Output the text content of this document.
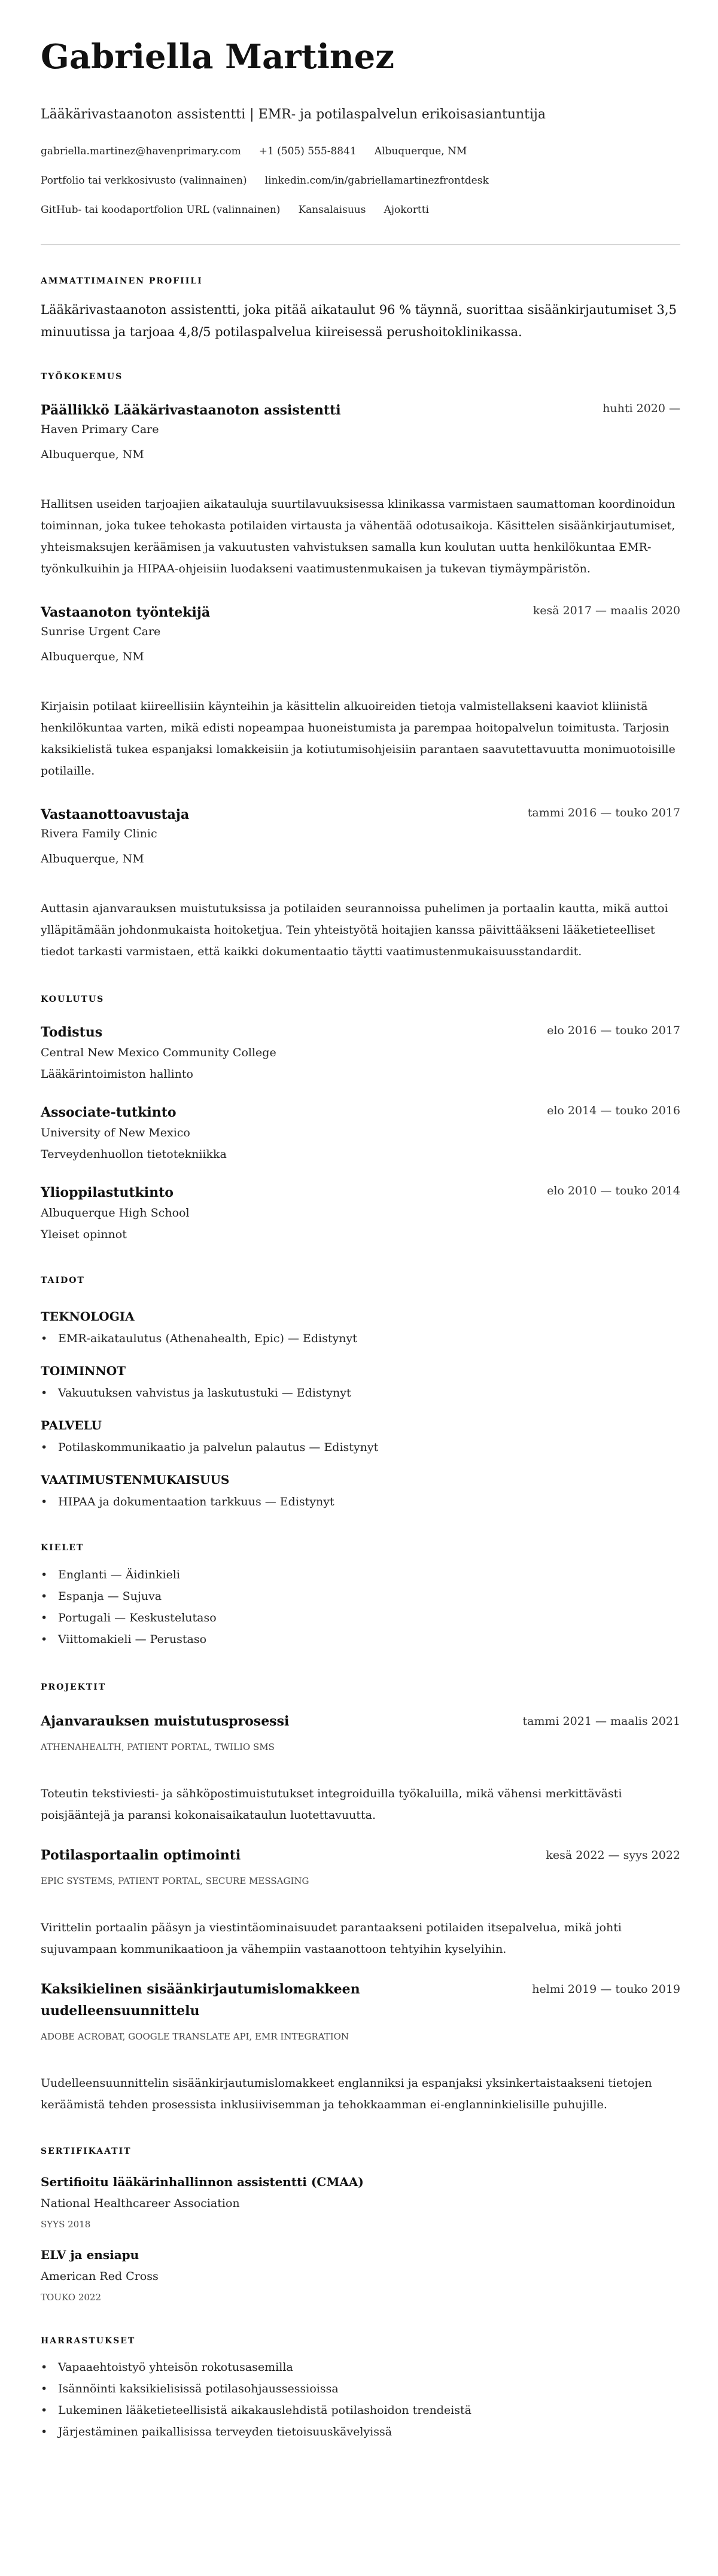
Gabriella Martinez
Lääkärivastaanoton assistentti | EMR- ja potilaspalvelun erikoisasiantuntija
gabriella.martinez@havenprimary.com +1 (505) 555-8841 Albuquerque, NM
Portfolio tai verkkosivusto (valinnainen) linkedin.com/in/gabriellamartinezfrontdesk
GitHub- tai koodaportfolion URL (valinnainen) Kansalaisuus Ajokortti
AMMATTIMAINEN PROFIILI

Lääkärivastaanoton assistentti, joka pitää aikataulut 96 % täynnä, suorittaa sisäänkirjautumiset 3,5 minuutissa ja tarjoaa 4,8/5 potilaspalvelua kiireisessä perushoitoklinikassa.

TYÖKOKEMUS
Päällikkö Lääkärivastaanoton assistentti	huhti 2020 —
Haven Primary Care
Albuquerque, NM
Hallitsen useiden tarjoajien aikatauluja suurtilavuuksisessa klinikassa varmistaen saumattoman koordinoidun toiminnan, joka tukee tehokasta potilaiden virtausta ja vähentää odotusaikoja. Käsittelen sisäänkirjautumiset, yhteismaksujen keräämisen ja vakuutusten vahvistuksen samalla kun koulutan uutta henkilökuntaa EMR-työnkulkuihin ja HIPAA-ohjeisiin luodakseni vaatimustenmukaisen ja tukevan tiymäympäristön.
Vastaanoton työntekijä	kesä 2017 — maalis 2020
Sunrise Urgent Care
Albuquerque, NM
Kirjaisin potilaat kiireellisiin käynteihin ja käsittelin alkuoireiden tietoja valmistellakseni kaaviot kliinistä henkilökuntaa varten, mikä edisti nopeampaa huoneistumista ja parempaa hoitopalvelun toimitusta. Tarjosin kaksikielistä tukea espanjaksi lomakkeisiin ja kotiutumisohjeisiin parantaen saavutettavuutta monimuotoisille potilaille.
Vastaanottoavustaja	tammi 2016 — touko 2017
Rivera Family Clinic
Albuquerque, NM
Auttasin ajanvarauksen muistutuksissa ja potilaiden seurannoissa puhelimen ja portaalin kautta, mikä auttoi ylläpitämään johdonmukaista hoitoketjua. Tein yhteistyötä hoitajien kanssa päivittääkseni lääketieteelliset tiedot tarkasti varmistaen, että kaikki dokumentaatio täytti vaatimustenmukaisuusstandardit.
KOULUTUS
Todistus	elo 2016 — touko 2017
Central New Mexico Community College
Lääkärintoimiston hallinto
Associate-tutkinto	elo 2014 — touko 2016
University of New Mexico
Terveydenhuollon tietotekniikka
Ylioppilastutkinto	elo 2010 — touko 2014
Albuquerque High School
Yleiset opinnot
TAIDOT
TEKNOLOGIA
• EMR-aikataulutus (Athenahealth, Epic) — Edistynyt
TOIMINNOT
• Vakuutuksen vahvistus ja laskutustuki — Edistynyt
PALVELU
• Potilaskommunikaatio ja palvelun palautus — Edistynyt
VAATIMUSTENMUKAISUUS
• HIPAA ja dokumentaation tarkkuus — Edistynyt
KIELET
• Englanti — Äidinkieli
• Espanja — Sujuva
• Portugali — Keskustelutaso
• Viittomakieli — Perustaso
PROJEKTIT
Ajanvarauksen muistutusprosessi	tammi 2021 — maalis 2021
ATHENAHEALTH, PATIENT PORTAL, TWILIO SMS
Toteutin tekstiviesti- ja sähköpostimuistutukset integroiduilla työkaluilla, mikä vähensi merkittävästi poisjääntejä ja paransi kokonaisaikataulun luotettavuutta.
Potilasportaalin optimointi	kesä 2022 — syys 2022
EPIC SYSTEMS, PATIENT PORTAL, SECURE MESSAGING
Virittelin portaalin pääsyn ja viestintäominaisuudet parantaakseni potilaiden itsepalvelua, mikä johti sujuvampaan kommunikaatioon ja vähempiin vastaanottoon tehtyihin kyselyihin.
Kaksikielinen sisäänkirjautumislomakkeen uudelleensuunnittelu
helmi 2019 — touko 2019
ADOBE ACROBAT, GOOGLE TRANSLATE API, EMR INTEGRATION
Uudelleensuunnittelin sisäänkirjautumislomakkeet englanniksi ja espanjaksi yksinkertaistaakseni tietojen keräämistä tehden prosessista inklusiivisemman ja tehokkaamman ei-englanninkielisille puhujille.
SERTIFIKAATIT
Sertifioitu lääkärinhallinnon assistentti (CMAA)
National Healthcareer Association
SYYS 2018
ELV ja ensiapu
American Red Cross
TOUKO 2022
HARRASTUKSET
• Vapaaehtoistyö yhteisön rokotusasemilla
• Isännöinti kaksikielisissä potilasohjaussessioissa
• Lukeminen lääketieteellisistä aikakauslehdistä potilashoidon trendeistä
• Järjestäminen paikallisissa terveyden tietoisuuskävelyissä
